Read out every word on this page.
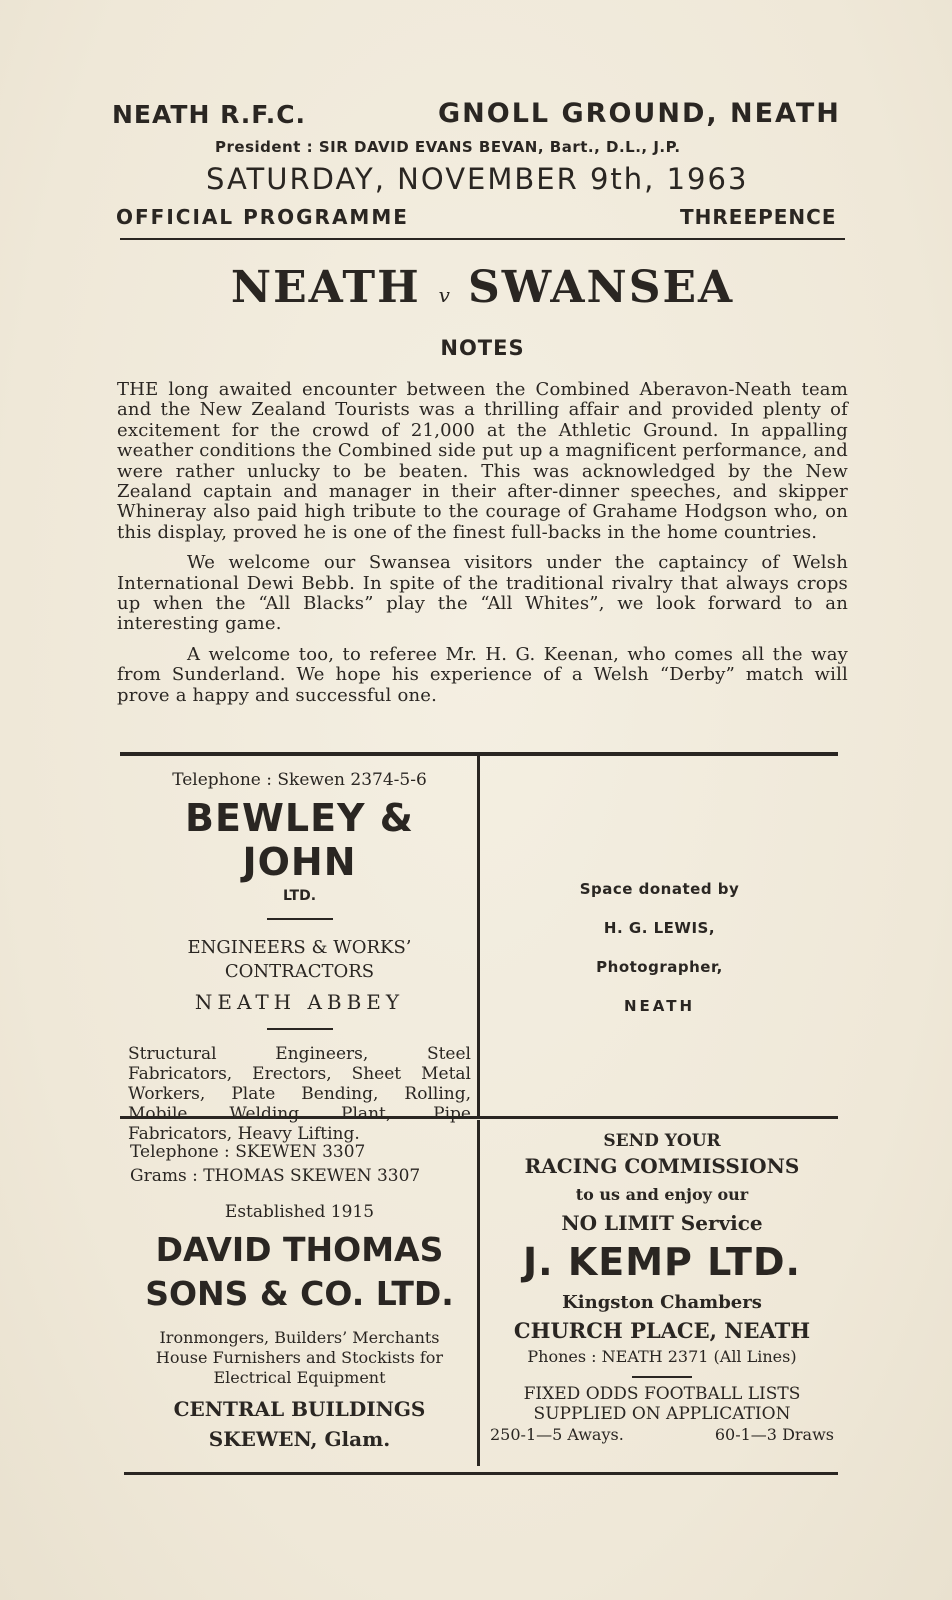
NEATH R.F.C.	GNOLL GROUND, NEATH
President : SIR DAVID EVANS BEVAN, Bart., D.L., J.P.
SATURDAY, NOVEMBER 9th, 1963
OFFICIAL PROGRAMME	THREEPENCE
NEATH v SWANSEA
NOTES

THE long awaited encounter between the Combined Aberavon-Neath team and the New Zealand Tourists was a thrilling affair and provided plenty of excitement for the crowd of 21,000 at the Athletic Ground. In appalling weather conditions the Combined side put up a magnificent performance, and were rather unlucky to be beaten. This was acknowledged by the New Zealand captain and manager in their after-dinner speeches, and skipper Whineray also paid high tribute to the courage of Grahame Hodgson who, on this display, proved he is one of the finest full-backs in the home countries.

We welcome our Swansea visitors under the captaincy of Welsh International Dewi Bebb. In spite of the traditional rivalry that always crops up when the “All Blacks” play the “All Whites”, we look forward to an interesting game.

A welcome too, to referee Mr. H. G. Keenan, who comes all the way from Sunderland. We hope his experience of a Welsh “Derby” match will prove a happy and successful one.

Telephone : Skewen 2374-5-6
BEWLEY & JOHN
LTD.
ENGINEERS & WORKS’
CONTRACTORS
NEATH ABBEY
Structural Engineers, Steel Fabricators, Erectors, Sheet Metal Workers, Plate Bending, Rolling, Mobile Welding Plant, Pipe Fabricators, Heavy Lifting.
Space donated by
H. G. LEWIS,
Photographer,
NEATH
Telephone : SKEWEN 3307
Grams : THOMAS SKEWEN 3307
Established 1915
DAVID THOMAS
SONS & CO. LTD.
Ironmongers, Builders’ Merchants
House Furnishers and Stockists for
Electrical Equipment
CENTRAL BUILDINGS
SKEWEN, Glam.
SEND YOUR
RACING COMMISSIONS
to us and enjoy our
NO LIMIT Service
J. KEMP LTD.
Kingston Chambers
CHURCH PLACE, NEATH
Phones : NEATH 2371 (All Lines)
FIXED ODDS FOOTBALL LISTS
SUPPLIED ON APPLICATION
250-1—5 Aways.	60-1—3 Draws
